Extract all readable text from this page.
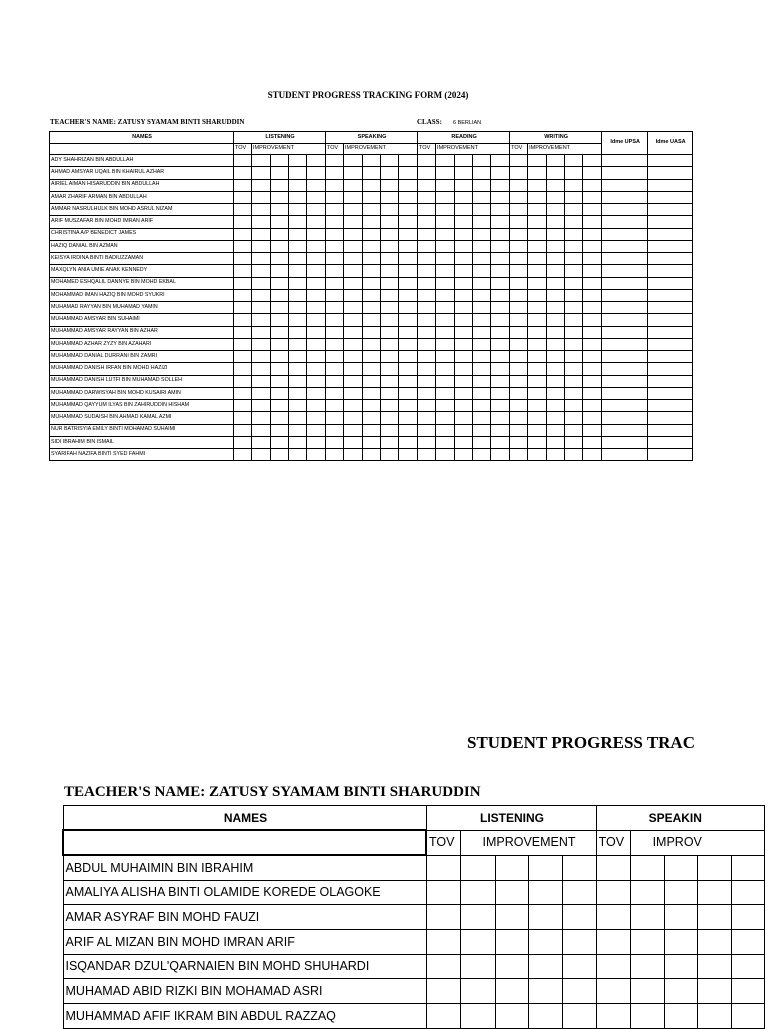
STUDENT PROGRESS TRACKING FORM (2024)
TEACHER'S NAME: ZATUSY SYAMAM BINTI SHARUDDIN	CLASS: 6 BERLIAN
NAMES	LISTENING					SPEAKING					READING					WRITING					Idme UPSA	Idme UASA
	TOV	IMPROVEMENT				TOV	IMPROVEMENT				TOV	IMPROVEMENT				TOV	IMPROVEMENT					
ADY SHAHRIZAN BIN ABDULLAH																						
AHMAD AMSYAR UQAIL BIN KHAIRUL AZHAR																						
AIRIEL AIMAN HISARUDDIN BIN ABDULLAH																						
AMAR ZHARIF ARMAN BIN ABDULLAH																						
AMMAR NASRULHULK BIN MOHD ASRUL NIZAM																						
ARIF MUSZAFAR BIN MOHD IMRAN ARIF																						
CHRISTINA A/P BENEDICT JAMES																						
HAZIQ DANIAL BIN AZMAN																						
KEISYA IRDINA BINTI BADIUZZAMAN																						
MAXQLYN ANIA UMIE ANAK KENNEDY																						
MOHAMED ESHQALIL DANNYE BIN MOHD EKBAL																						
MOHAMMAD IMAN HAZIQ BIN MOHD SYUKRI																						
MUHAMAD RAYYAN BIN MUHAMAD YAMIN																						
MUHAMMAD AMSYAR BIN SUHAIMI																						
MUHAMMAD AMSYAR RAYYAN BIN AZHAR																						
MUHAMMAD AZHAR ZYZY BIN AZAHARI																						
MUHAMMAD DANIAL DURRANI BIN ZAMRI																						
MUHAMMAD DANISH IRFAN BIN MOHD HAZIZI																						
MUHAMMAD DANISH LUTFI BIN MUHAMAD SOLLEH																						
MUHAMMAD DARWISYAH BIN MOHD KUSAIRI AMIN																						
MUHAMMAD QAYYUM ILYAS BIN ZAHIRUDDIN HISHAM																						
MUHAMMAD SUDAISH BIN AHMAD KAMAL AZMI																						
NUR BATRISYIA EMILY BINTI MOHAMAD SUHAIMI																						
SIDI IBRAHIM BIN ISMAIL																						
SYARIFAH NAZIFA BINTI SYED FAHMI																						
STUDENT PROGRESS TRAC
TEACHER'S NAME: ZATUSY SYAMAM BINTI SHARUDDIN
NAMES	LISTENING					SPEAKIN				
	TOV	IMPROVEMENT				TOV	IMPROV			
ABDUL MUHAIMIN BIN IBRAHIM										
AMALIYA ALISHA BINTI OLAMIDE KOREDE OLAGOKE										
AMAR ASYRAF BIN MOHD FAUZI										
ARIF AL MIZAN BIN MOHD IMRAN ARIF										
ISQANDAR DZUL'QARNAIEN BIN MOHD SHUHARDI										
MUHAMAD ABID RIZKI BIN MOHAMAD ASRI										
MUHAMMAD AFIF IKRAM BIN ABDUL RAZZAQ										
